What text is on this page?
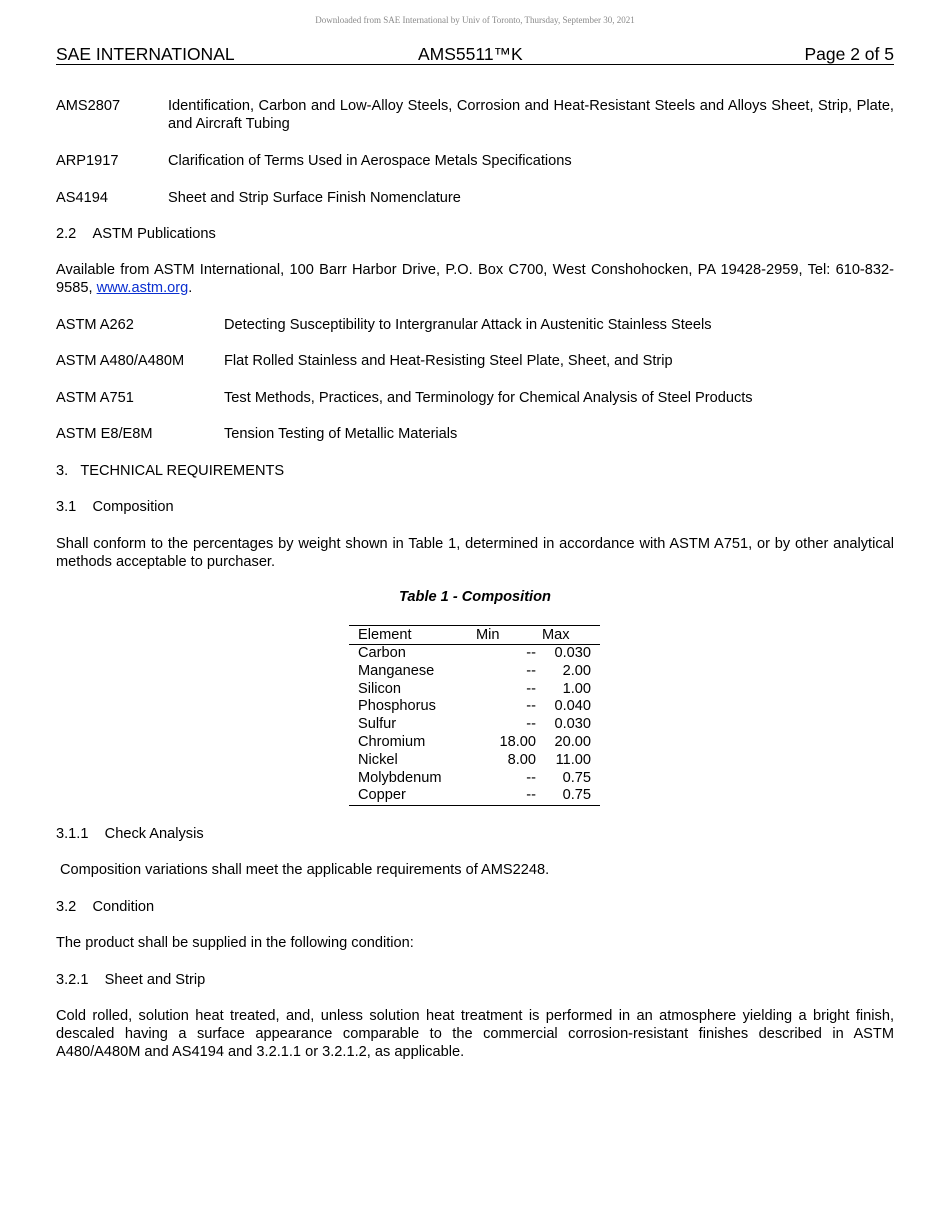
Downloaded from SAE International by Univ of Toronto, Thursday, September 30, 2021
SAE INTERNATIONAL	AMS5511™K	Page 2 of 5
AMS2807	Identification, Carbon and Low-Alloy Steels, Corrosion and Heat-Resistant Steels and Alloys Sheet, Strip, Plate, and Aircraft Tubing
ARP1917	Clarification of Terms Used in Aerospace Metals Specifications
AS4194	Sheet and Strip Surface Finish Nomenclature
2.2    ASTM Publications
Available from ASTM International, 100 Barr Harbor Drive, P.O. Box C700, West Conshohocken, PA 19428-2959, Tel: 610-832-9585, www.astm.org.
ASTM A262	Detecting Susceptibility to Intergranular Attack in Austenitic Stainless Steels
ASTM A480/A480M	Flat Rolled Stainless and Heat-Resisting Steel Plate, Sheet, and Strip
ASTM A751	Test Methods, Practices, and Terminology for Chemical Analysis of Steel Products
ASTM E8/E8M	Tension Testing of Metallic Materials
3.   TECHNICAL REQUIREMENTS
3.1    Composition
Shall conform to the percentages by weight shown in Table 1, determined in accordance with ASTM A751, or by other analytical methods acceptable to purchaser.
Table 1 - Composition
Element	Min	Max
Carbon	--	0.030
Manganese	--	2.00
Silicon	--	1.00
Phosphorus	--	0.040
Sulfur	--	0.030
Chromium	18.00	20.00
Nickel	8.00	11.00
Molybdenum	--	0.75
Copper	--	0.75
3.1.1    Check Analysis
Composition variations shall meet the applicable requirements of AMS2248.
3.2    Condition
The product shall be supplied in the following condition:
3.2.1    Sheet and Strip
Cold rolled, solution heat treated, and, unless solution heat treatment is performed in an atmosphere yielding a bright finish, descaled having a surface appearance comparable to the commercial corrosion-resistant finishes described in ASTM A480/A480M and AS4194 and 3.2.1.1 or 3.2.1.2, as applicable.
